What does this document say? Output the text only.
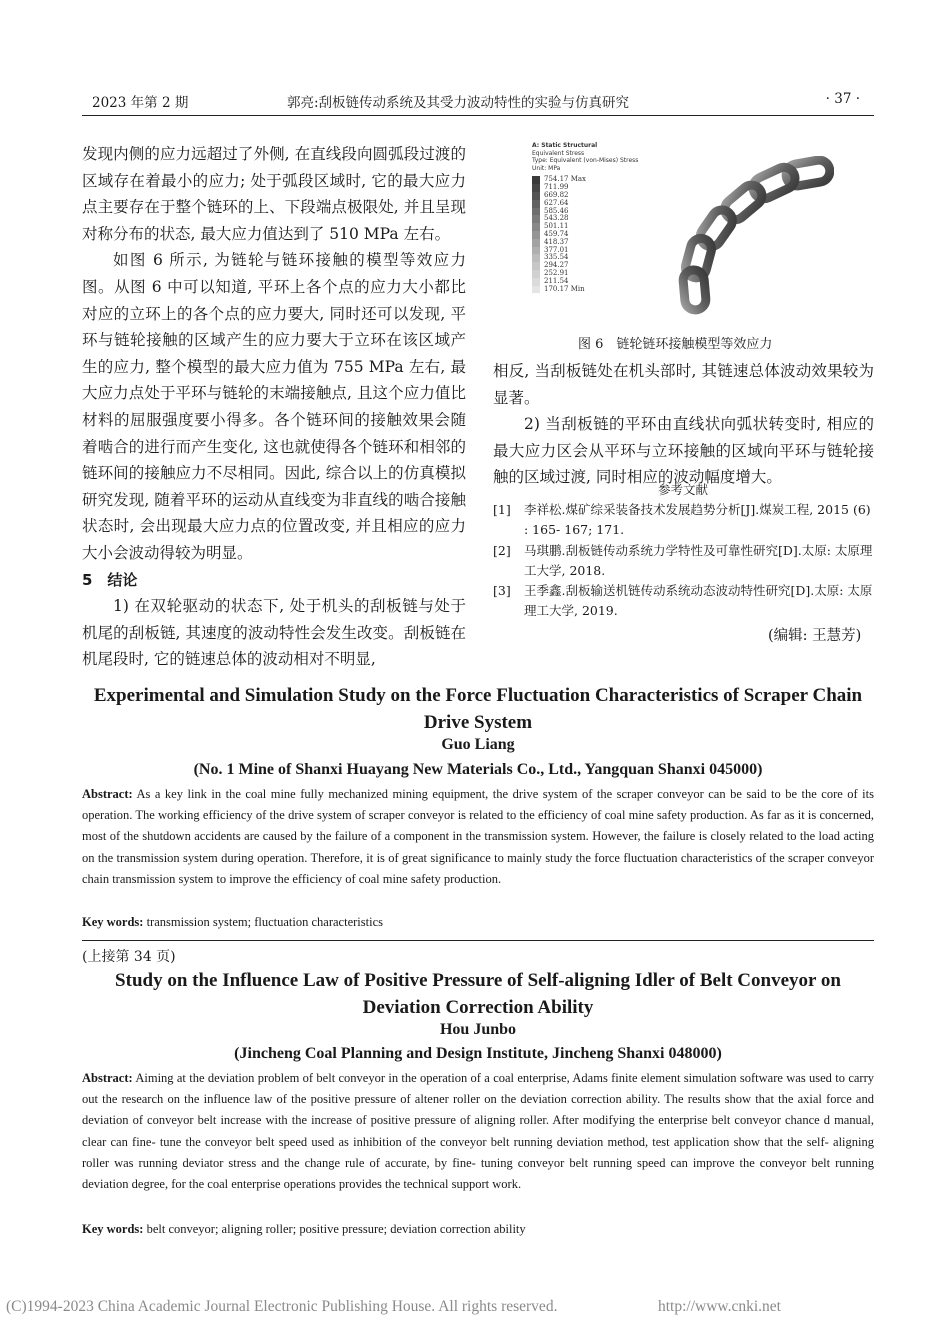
2023 年第 2 期	郭亮:刮板链传动系统及其受力波动特性的实验与仿真研究	· 37 ·

发现内侧的应力远超过了外侧, 在直线段向圆弧段过渡的区域存在着最小的应力; 处于弧段区域时, 它的最大应力点主要存在于整个链环的上、下段端点极限处, 并且呈现对称分布的状态, 最大应力值达到了 510 MPa 左右。

如图 6 所示, 为链轮与链环接触的模型等效应力图。从图 6 中可以知道, 平环上各个点的应力大小都比对应的立环上的各个点的应力要大, 同时还可以发现, 平环与链轮接触的区域产生的应力要大于立环在该区域产生的应力, 整个模型的最大应力值为 755 MPa 左右, 最大应力点处于平环与链轮的末端接触点, 且这个应力值比材料的屈服强度要小得多。各个链环间的接触效果会随着啮合的进行而产生变化, 这也就使得各个链环和相邻的链环间的接触应力不尽相同。因此, 综合以上的仿真模拟研究发现, 随着平环的运动从直线变为非直线的啮合接触状态时, 会出现最大应力点的位置改变, 并且相应的应力大小会波动得较为明显。

5　结论

1) 在双轮驱动的状态下, 处于机头的刮板链与处于机尾的刮板链, 其速度的波动特性会发生改变。刮板链在机尾段时, 它的链速总体的波动相对不明显,

A: Static Structural
Equivalent Stress
Type: Equivalent (von-Mises) Stress
Unit: MPa
754.17 Max
711.99
669.82
627.64
585.46
543.28
501.11
459.74
418.37
377.01
335.54
294.27
252.91
211.54
170.17 Min
图 6　链轮链环接触模型等效应力

相反, 当刮板链处在机头部时, 其链速总体波动效果较为显著。

2) 当刮板链的平环由直线状向弧状转变时, 相应的最大应力区会从平环与立环接触的区域向平环与链轮接触的区域过渡, 同时相应的波动幅度增大。

参考文献
[1] 李祥松.煤矿综采装备技术发展趋势分析[J].煤炭工程, 2015 (6) : 165- 167; 171.
[2] 马琪鹏.刮板链传动系统力学特性及可靠性研究[D].太原: 太原理工大学, 2018.
[3] 王季鑫.刮板输送机链传动系统动态波动特性研究[D].太原: 太原理工大学, 2019.
(编辑: 王慧芳)
Experimental and Simulation Study on the Force Fluctuation Characteristics of Scraper Chain Drive System
Guo Liang
(No. 1 Mine of Shanxi Huayang New Materials Co., Ltd., Yangquan Shanxi 045000)
Abstract: As a key link in the coal mine fully mechanized mining equipment, the drive system of the scraper conveyor can be said to be the core of its operation. The working efficiency of the drive system of scraper conveyor is related to the efficiency of coal mine safety production. As far as it is concerned, most of the shutdown accidents are caused by the failure of a component in the transmission system. However, the failure is closely related to the load acting on the transmission system during operation. Therefore, it is of great significance to mainly study the force fluctuation characteristics of the scraper conveyor chain transmission system to improve the efficiency of coal mine safety production.
Key words: transmission system; fluctuation characteristics
(上接第 34 页)
Study on the Influence Law of Positive Pressure of Self-aligning Idler of Belt Conveyor on Deviation Correction Ability
Hou Junbo
(Jincheng Coal Planning and Design Institute, Jincheng Shanxi 048000)
Abstract: Aiming at the deviation problem of belt conveyor in the operation of a coal enterprise, Adams finite element simulation software was used to carry out the research on the influence law of the positive pressure of altener roller on the deviation correction ability. The results show that the axial force and deviation of conveyor belt increase with the increase of positive pressure of aligning roller. After modifying the enterprise belt conveyor chance d manual, clear can fine- tune the conveyor belt speed used as inhibition of the conveyor belt running deviation method, test application show that the self- aligning roller was running deviator stress and the change rule of accurate, by fine- tuning conveyor belt running speed can improve the conveyor belt running deviation degree, for the coal enterprise operations provides the technical support work.
Key words: belt conveyor; aligning roller; positive pressure; deviation correction ability
(C)1994-2023 China Academic Journal Electronic Publishing House. All rights reserved.	http://www.cnki.net
